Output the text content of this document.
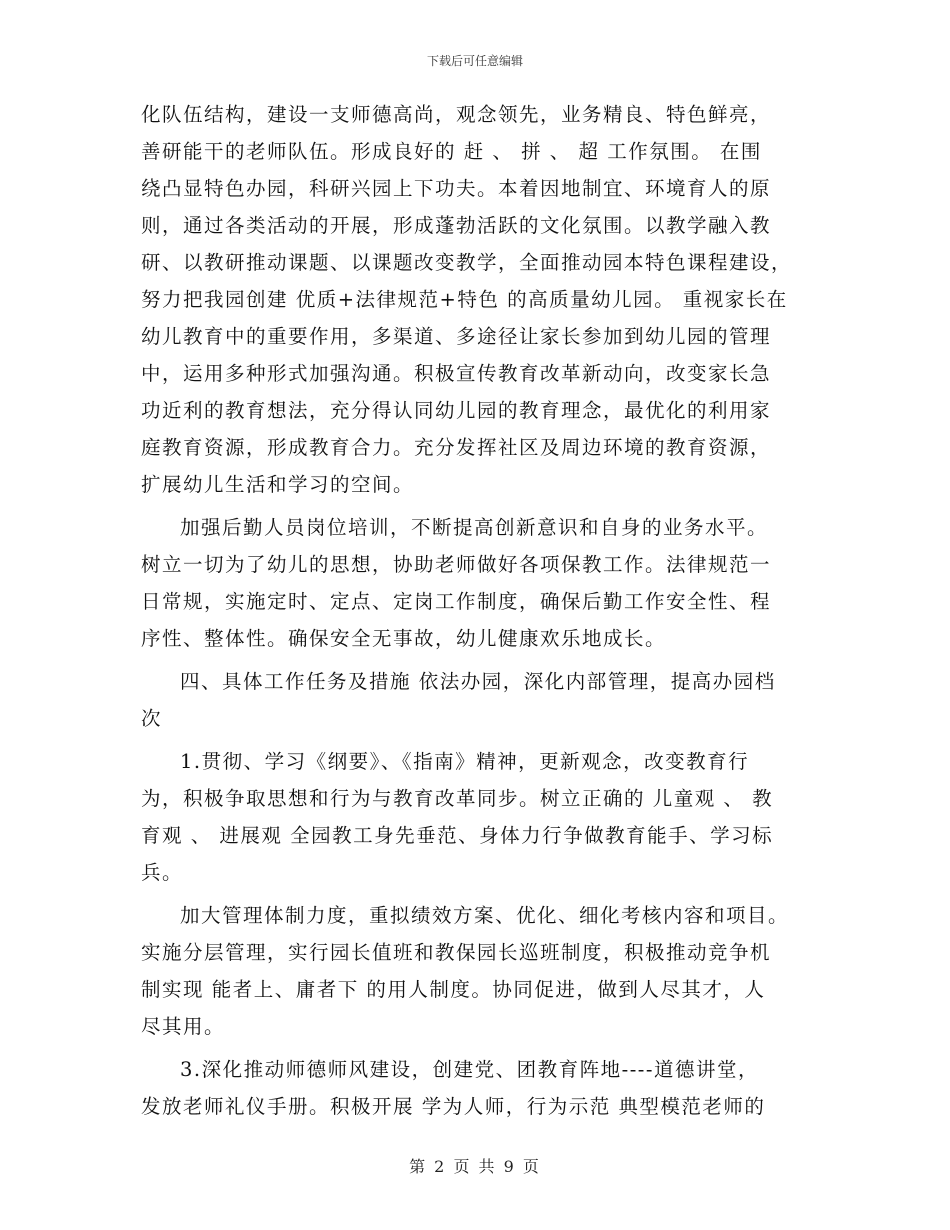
下载后可任意编辑
化队伍结构，建设一支师德高尚，观念领先，业务精良、特色鲜亮，
善研能干的老师队伍。形成良好的 赶 、 拼 、 超 工作氛围。 在围
绕凸显特色办园，科研兴园上下功夫。本着因地制宜、环境育人的原
则，通过各类活动的开展，形成蓬勃活跃的文化氛围。以教学融入教
研、以教研推动课题、以课题改变教学，全面推动园本特色课程建设，
努力把我园创建 优质+法律规范+特色 的高质量幼儿园。 重视家长在
幼儿教育中的重要作用，多渠道、多途径让家长参加到幼儿园的管理
中，运用多种形式加强沟通。积极宣传教育改革新动向，改变家长急
功近利的教育想法，充分得认同幼儿园的教育理念，最优化的利用家
庭教育资源，形成教育合力。充分发挥社区及周边环境的教育资源，
扩展幼儿生活和学习的空间。
加强后勤人员岗位培训，不断提高创新意识和自身的业务水平。
树立一切为了幼儿的思想，协助老师做好各项保教工作。法律规范一
日常规，实施定时、定点、定岗工作制度，确保后勤工作安全性、程
序性、整体性。确保安全无事故，幼儿健康欢乐地成长。
四、具体工作任务及措施 依法办园，深化内部管理，提高办园档
次
1.贯彻、学习《纲要》、《指南》精神，更新观念，改变教育行
为，积极争取思想和行为与教育改革同步。树立正确的 儿童观 、 教
育观 、 进展观 全园教工身先垂范、身体力行争做教育能手、学习标
兵。
加大管理体制力度，重拟绩效方案、优化、细化考核内容和项目。
实施分层管理，实行园长值班和教保园长巡班制度，积极推动竞争机
制实现 能者上、庸者下 的用人制度。协同促进，做到人尽其才，人
尽其用。
3.深化推动师德师风建设，创建党、团教育阵地----道德讲堂，
发放老师礼仪手册。积极开展 学为人师，行为示范 典型模范老师的
第 2 页 共 9 页
